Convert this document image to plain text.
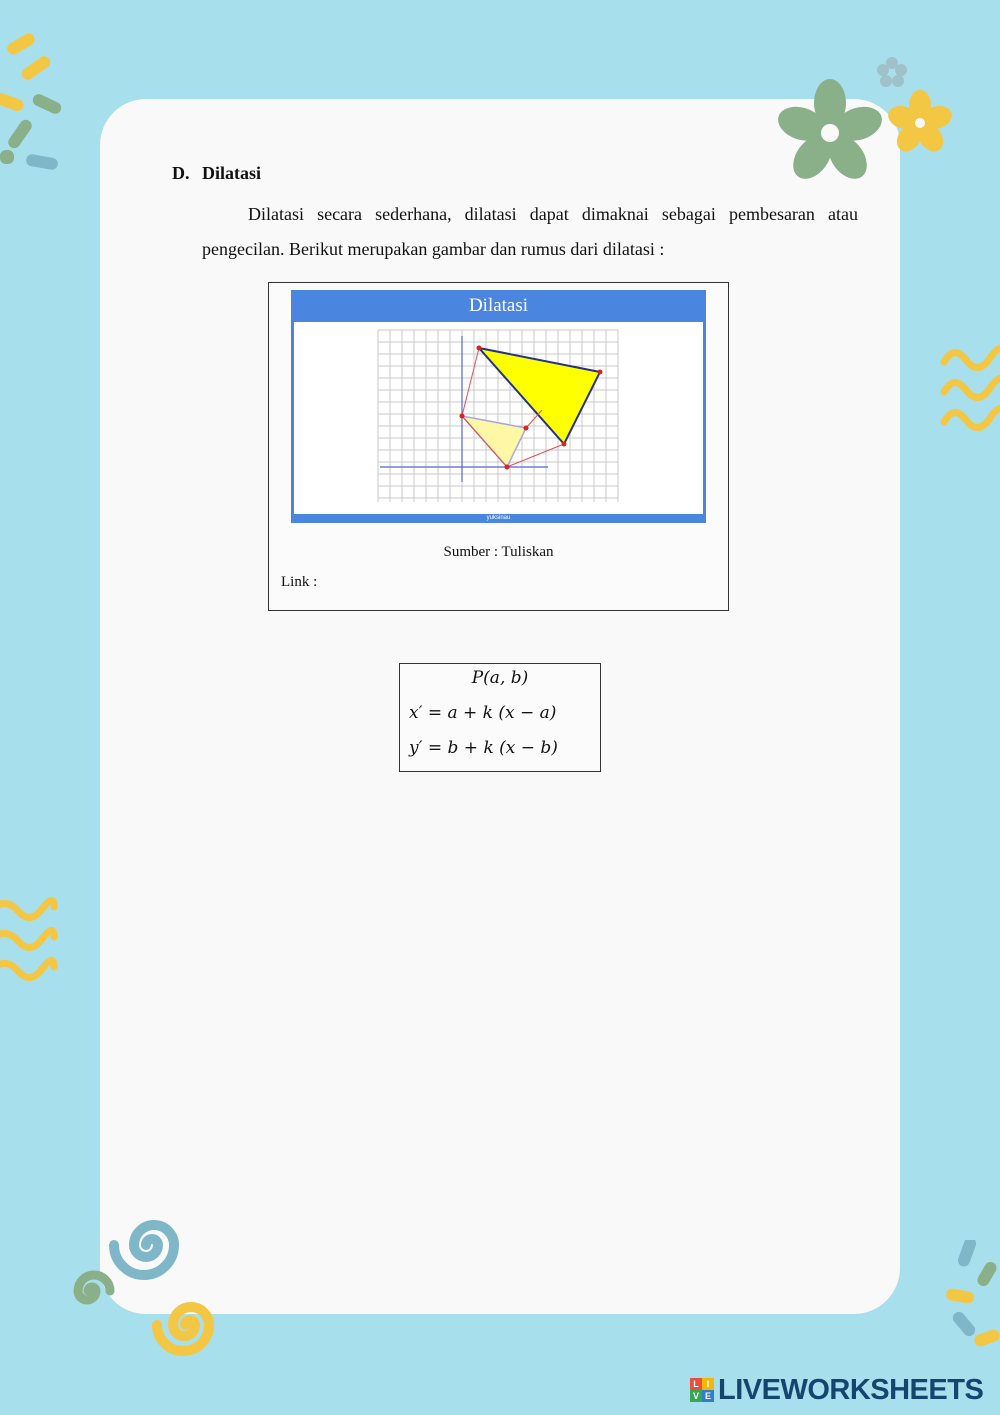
D. Dilatasi
Dilatasi secara sederhana, dilatasi dapat dimaknai sebagai pembesaran atau pengecilan. Berikut merupakan gambar dan rumus dari dilatasi :
Dilatasi
yuksinau
Sumber : Tuliskan
Link :
P(a, b)
x′ = a + k (x − a)
y′ = b + k (x − b)
L I
V E LIVEWORKSHEETS
